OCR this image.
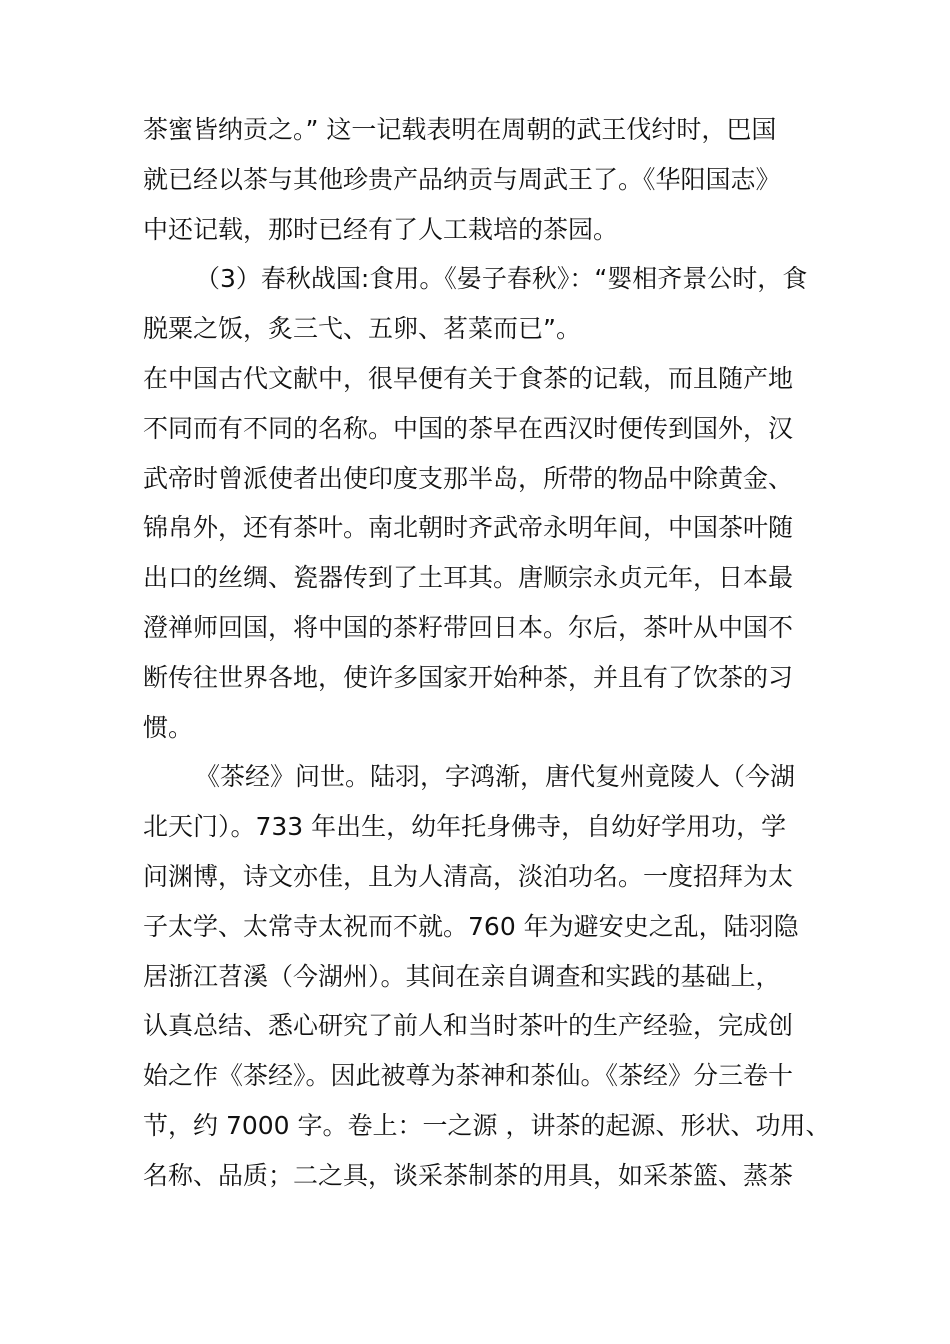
茶蜜皆纳贡之。” 这一记载表明在周朝的武王伐纣时，巴国
就已经以茶与其他珍贵产品纳贡与周武王了。《华阳国志》
中还记载，那时已经有了人工栽培的茶园。
（3）春秋战国:食用。《晏子春秋》：“婴相齐景公时，食
脱粟之饭，炙三弋、五卵、茗菜而已”。
在中国古代文献中，很早便有关于食茶的记载，而且随产地
不同而有不同的名称。中国的茶早在西汉时便传到国外，汉
武帝时曾派使者出使印度支那半岛，所带的物品中除黄金、
锦帛外，还有茶叶。南北朝时齐武帝永明年间，中国茶叶随
出口的丝绸、瓷器传到了土耳其。唐顺宗永贞元年，日本最
澄禅师回国，将中国的茶籽带回日本。尔后，茶叶从中国不
断传往世界各地，使许多国家开始种茶，并且有了饮茶的习
惯。
《茶经》问世。陆羽，字鸿渐，唐代复州竟陵人（今湖
北天门）。733 年出生，幼年托身佛寺，自幼好学用功，学
问渊博，诗文亦佳，且为人清高，淡泊功名。一度招拜为太
子太学、太常寺太祝而不就。760 年为避安史之乱，陆羽隐
居浙江苕溪（今湖州）。其间在亲自调查和实践的基础上，
认真总结、悉心研究了前人和当时茶叶的生产经验，完成创
始之作《茶经》。因此被尊为茶神和茶仙。《茶经》分三卷十
节，约 7000 字。卷上：一之源 ，讲茶的起源、形状、功用、
名称、品质；二之具，谈采茶制茶的用具，如采茶篮、蒸茶
